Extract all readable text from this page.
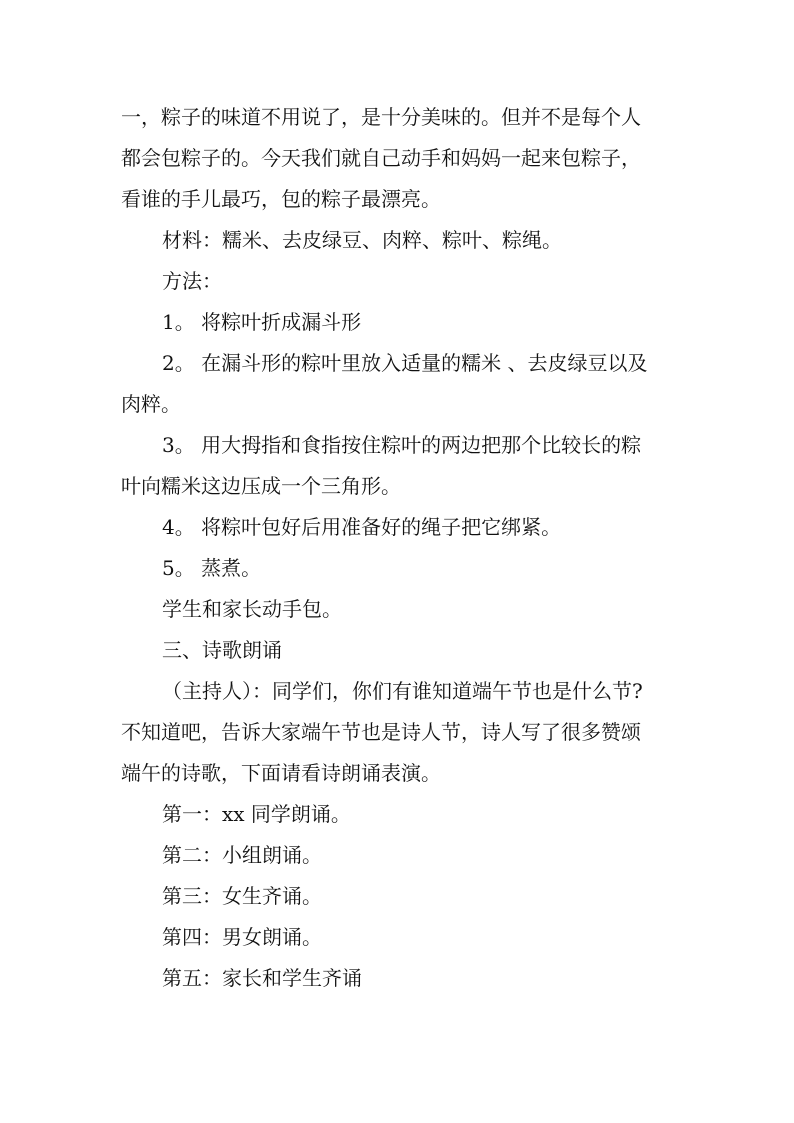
一，粽子的味道不用说了，是十分美味的。但并不是每个人
都会包粽子的。今天我们就自己动手和妈妈一起来包粽子，
看谁的手儿最巧，包的粽子最漂亮。
材料：糯米、去皮绿豆、肉粹、粽叶、粽绳。
方法：
1。 将粽叶折成漏斗形
2。 在漏斗形的粽叶里放入适量的糯米 、去皮绿豆以及
肉粹。
3。 用大拇指和食指按住粽叶的两边把那个比较长的粽
叶向糯米这边压成一个三角形。
4。 将粽叶包好后用准备好的绳子把它绑紧。
5。 蒸煮。
学生和家长动手包。
三、诗歌朗诵
（主持人）：同学们，你们有谁知道端午节也是什么节?
不知道吧，告诉大家端午节也是诗人节，诗人写了很多赞颂
端午的诗歌，下面请看诗朗诵表演。
第一：xx 同学朗诵。
第二：小组朗诵。
第三：女生齐诵。
第四：男女朗诵。
第五：家长和学生齐诵
